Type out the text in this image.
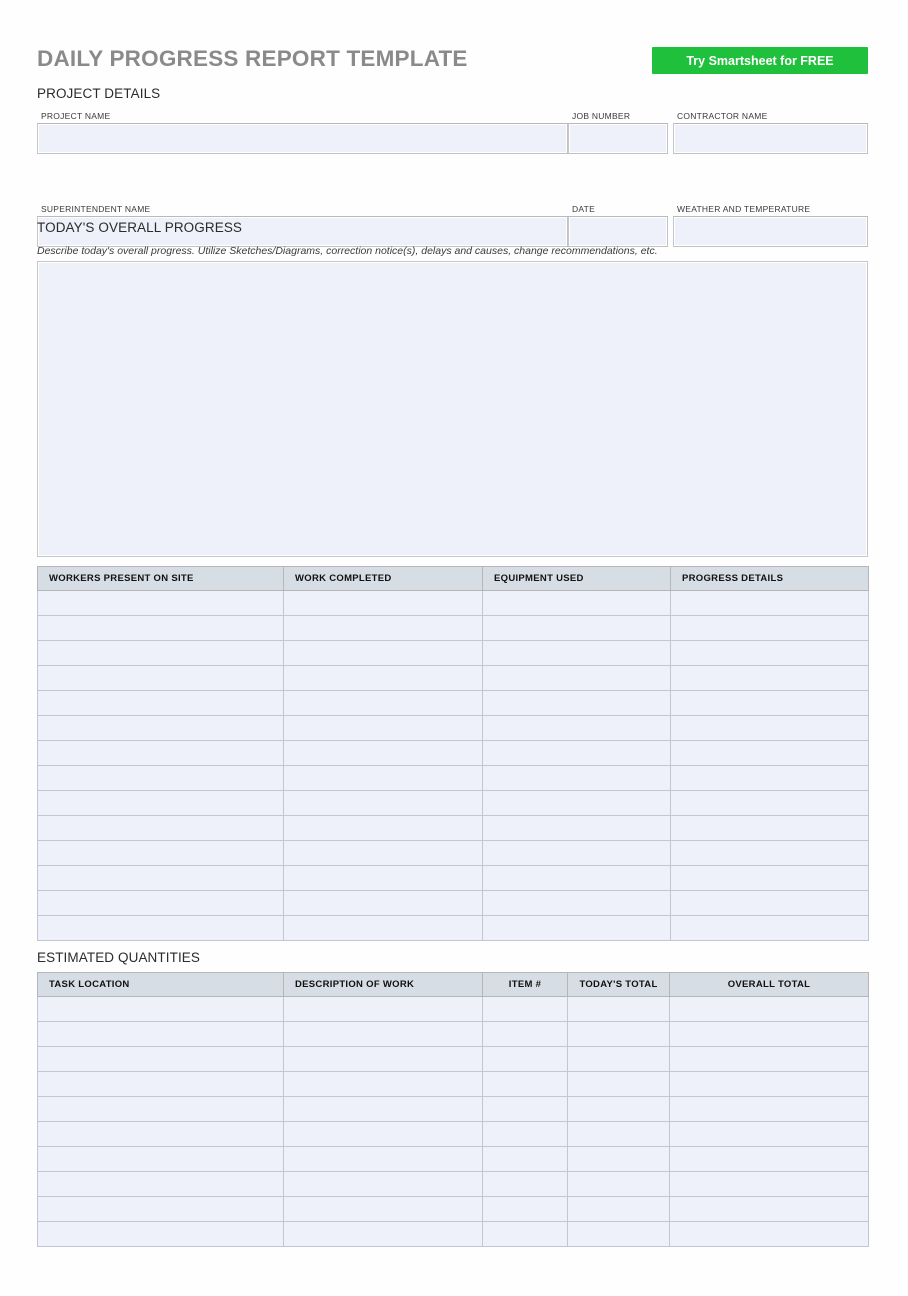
DAILY PROGRESS REPORT TEMPLATE	Try Smartsheet for FREE
PROJECT DETAILS
PROJECT NAME	JOB NUMBER	CONTRACTOR NAME
SUPERINTENDENT NAME	DATE	WEATHER AND TEMPERATURE
TODAY'S OVERALL PROGRESS
Describe today's overall progress. Utilize Sketches/Diagrams, correction notice(s), delays and causes, change recommendations, etc.
WORKERS PRESENT ON SITE	WORK COMPLETED	EQUIPMENT USED	PROGRESS DETAILS

ESTIMATED QUANTITIES
TASK LOCATION	DESCRIPTION OF WORK	ITEM #	TODAY'S TOTAL	OVERALL TOTAL
